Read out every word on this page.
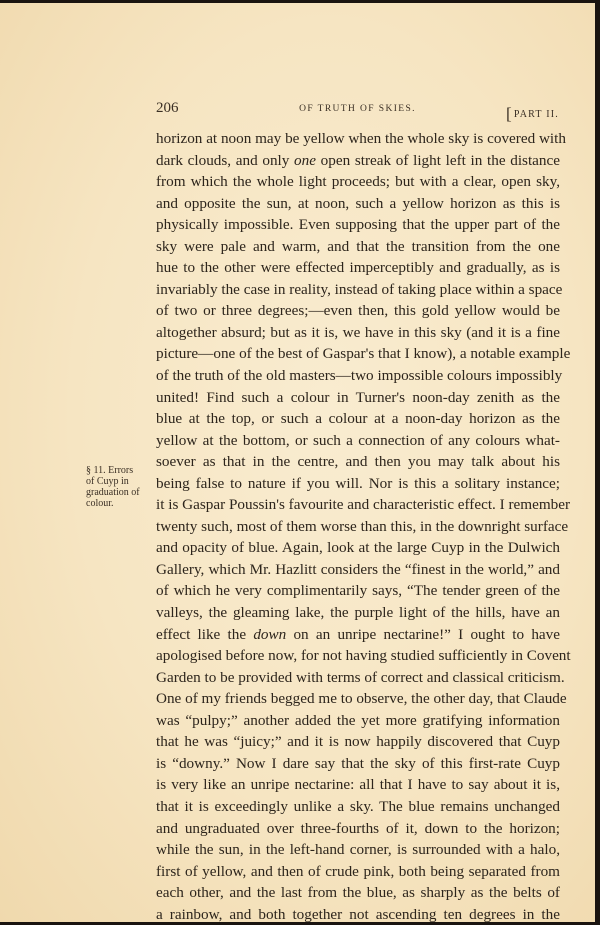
206	OF TRUTH OF SKIES.	[PART II.
§ 11. Errors
of Cuyp in
graduation of
colour.
horizon at noon may be yellow when the whole sky is covered with
dark clouds, and only one open streak of light left in the distance
from which the whole light proceeds; but with a clear, open sky,
and opposite the sun, at noon, such a yellow horizon as this is
physically impossible. Even supposing that the upper part of the
sky were pale and warm, and that the transition from the one
hue to the other were effected imperceptibly and gradually, as is
invariably the case in reality, instead of taking place within a space
of two or three degrees;—even then, this gold yellow would be
altogether absurd; but as it is, we have in this sky (and it is a fine
picture—one of the best of Gaspar's that I know), a notable example
of the truth of the old masters—two impossible colours impossibly
united! Find such a colour in Turner's noon-day zenith as the
blue at the top, or such a colour at a noon-day horizon as the
yellow at the bottom, or such a connection of any colours what-
soever as that in the centre, and then you may talk about his
being false to nature if you will. Nor is this a solitary instance;
it is Gaspar Poussin's favourite and characteristic effect. I remember
twenty such, most of them worse than this, in the downright surface
and opacity of blue. Again, look at the large Cuyp in the Dulwich
Gallery, which Mr. Hazlitt considers the “finest in the world,” and
of which he very complimentarily says, “The tender green of the
valleys, the gleaming lake, the purple light of the hills, have an
effect like the down on an unripe nectarine!” I ought to have
apologised before now, for not having studied sufficiently in Covent
Garden to be provided with terms of correct and classical criticism.
One of my friends begged me to observe, the other day, that Claude
was “pulpy;” another added the yet more gratifying information
that he was “juicy;” and it is now happily discovered that Cuyp
is “downy.” Now I dare say that the sky of this first-rate Cuyp
is very like an unripe nectarine: all that I have to say about it is,
that it is exceedingly unlike a sky. The blue remains unchanged
and ungraduated over three-fourths of it, down to the horizon;
while the sun, in the left-hand corner, is surrounded with a halo,
first of yellow, and then of crude pink, both being separated from
each other, and the last from the blue, as sharply as the belts of
a rainbow, and both together not ascending ten degrees in the
